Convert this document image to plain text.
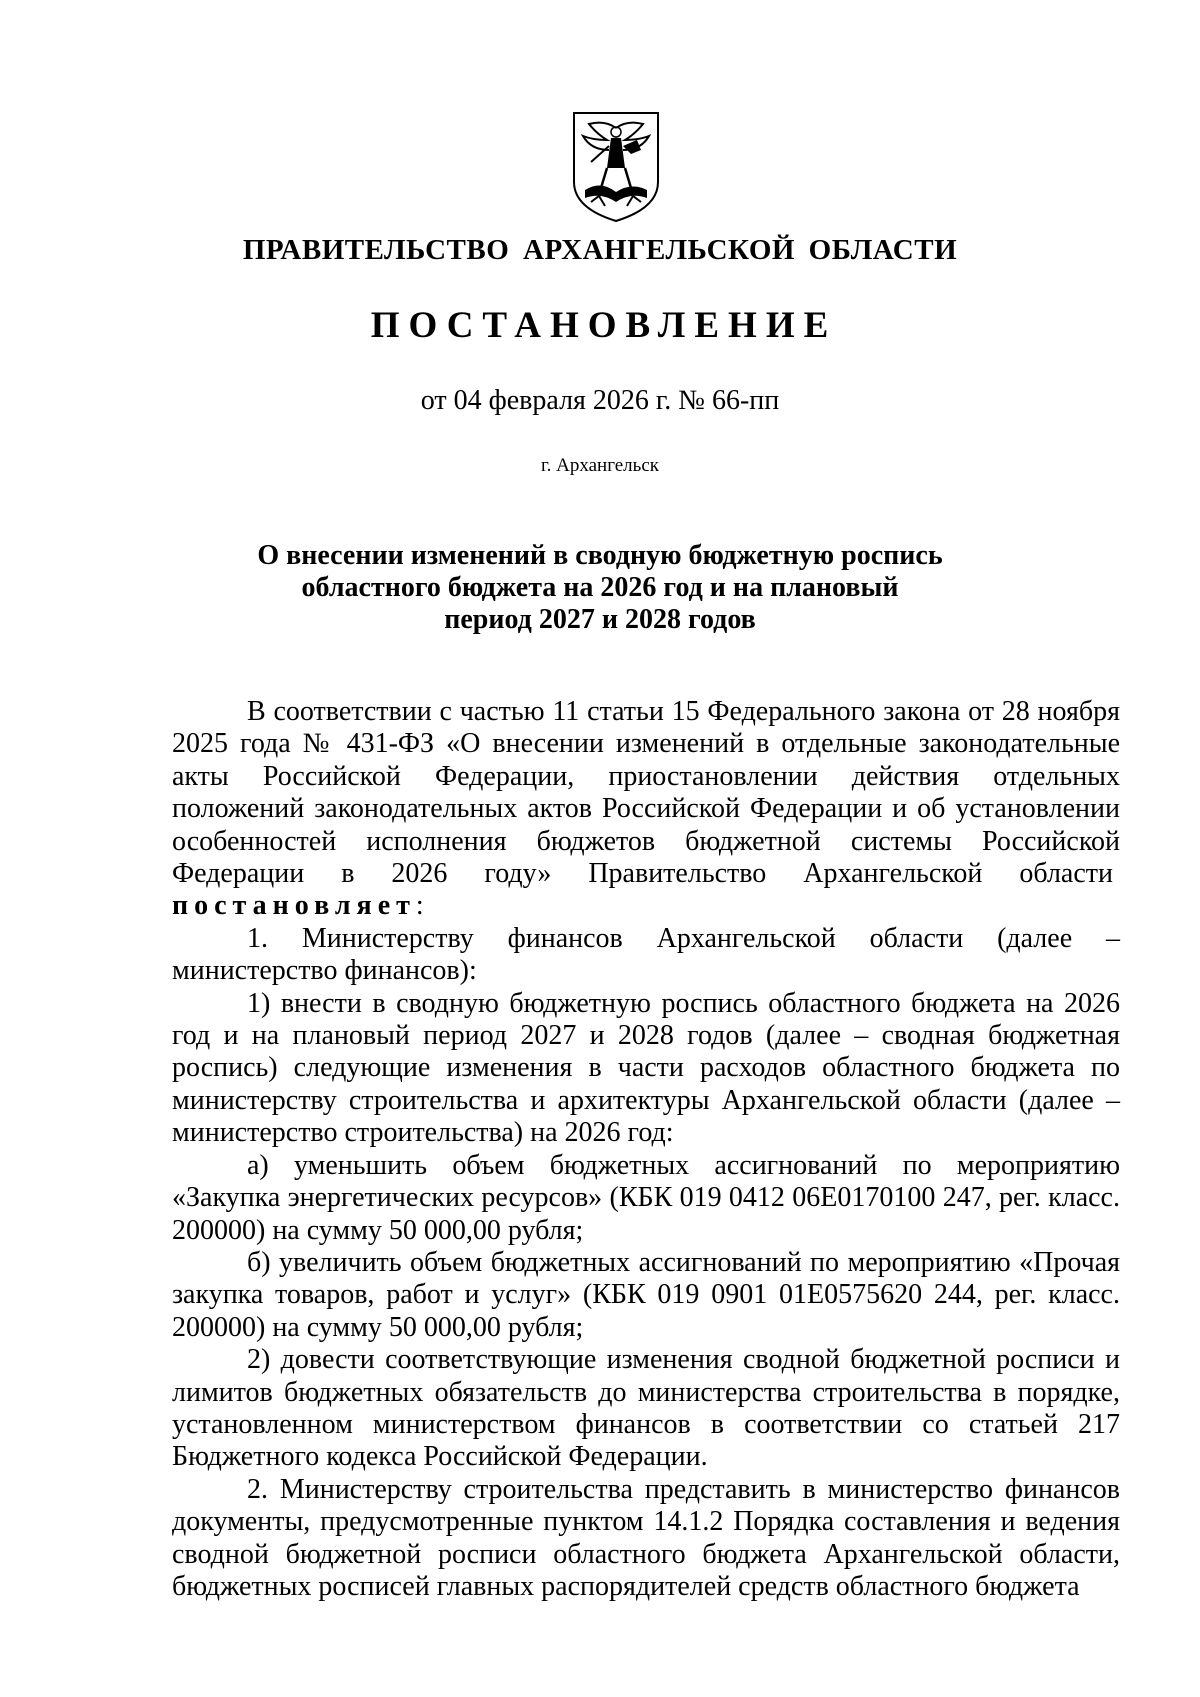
ПРАВИТЕЛЬСТВО АРХАНГЕЛЬСКОЙ ОБЛАСТИ
ПОСТАНОВЛЕНИЕ
от 04 февраля 2026 г. № 66-пп
г. Архангельск
О внесении изменений в сводную бюджетную роспись
областного бюджета на 2026 год и на плановый
период 2027 и 2028 годов

В соответствии с частью 11 статьи 15 Федерального закона от 28 ноября 2025 года № 431-ФЗ «О внесении изменений в отдельные законодательные акты Российской Федерации, приостановлении действия отдельных положений законодательных актов Российской Федерации и об установлении особенностей исполнения бюджетов бюджетной системы Российской Федерации в 2026 году» Правительство Архангельской области  постановляет:

1. Министерству финансов Архангельской области (далее – министерство финансов):

1) внести в сводную бюджетную роспись областного бюджета на 2026 год и на плановый период 2027 и 2028 годов (далее – сводная бюджетная роспись) следующие изменения в части расходов областного бюджета по министерству строительства и архитектуры Архангельской области (далее – министерство строительства) на 2026 год:

а) уменьшить объем бюджетных ассигнований по мероприятию «Закупка энергетических ресурсов» (КБК 019 0412 06Е0170100 247, рег. класс. 200000) на сумму 50 000,00 рубля;

б) увеличить объем бюджетных ассигнований по мероприятию «Прочая закупка товаров, работ и услуг» (КБК 019 0901 01Е0575620 244, рег. класс. 200000) на сумму 50 000,00 рубля;

2) довести соответствующие изменения сводной бюджетной росписи и лимитов бюджетных обязательств до министерства строительства в порядке, установленном министерством финансов в соответствии со статьей 217 Бюджетного кодекса Российской Федерации.

2. Министерству строительства представить в министерство финансов документы, предусмотренные пунктом 14.1.2 Порядка составления и ведения сводной бюджетной росписи областного бюджета Архангельской области, бюджетных росписей главных распорядителей средств областного бюджета
